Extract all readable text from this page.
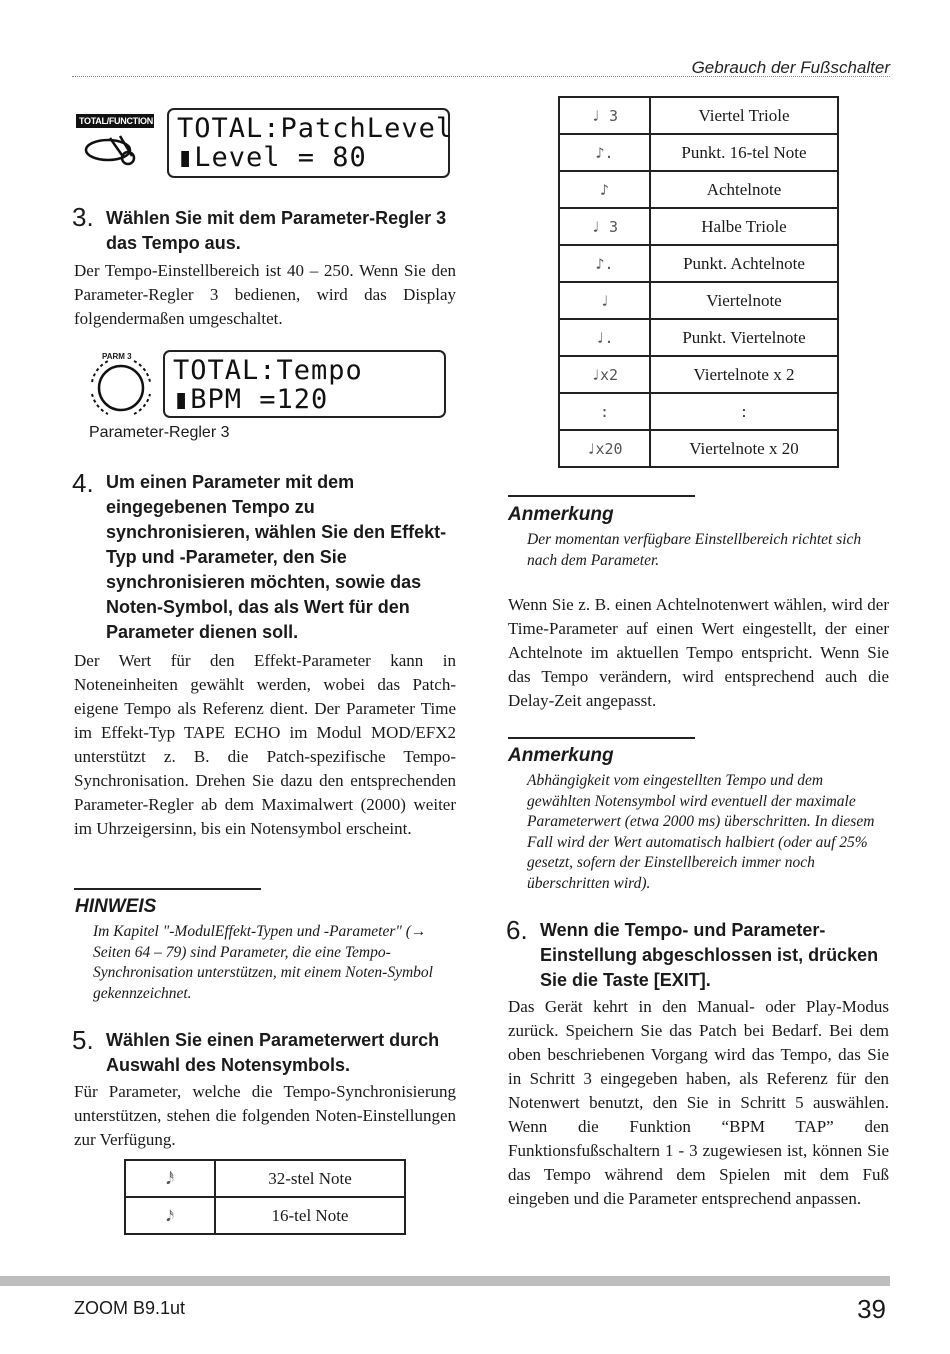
Gebrauch der Fußschalter
TOTAL/FUNCTION TOTAL:PatchLevel
▮Level = 80
3. Wählen Sie mit dem Parameter-Regler 3 das Tempo aus.

Der Tempo-Einstellbereich ist 40 – 250. Wenn Sie den Parameter-Regler 3 bedienen, wird das Display folgendermaßen umgeschaltet.

PARM 3 TOTAL:Tempo
▮BPM =120
Parameter-Regler 3
4. Um einen Parameter mit dem eingegebenen Tempo zu synchronisieren, wählen Sie den Effekt-Typ und -Parameter, den Sie synchronisieren möchten, sowie das Noten-Symbol, das als Wert für den Parameter dienen soll.

Der Wert für den Effekt-Parameter kann in Noteneinheiten gewählt werden, wobei das Patch-eigene Tempo als Referenz dient. Der Parameter Time im Effekt-Typ TAPE ECHO im Modul MOD/EFX2 unterstützt z. B. die Patch-spezifische Tempo-Synchronisation. Drehen Sie dazu den entsprechenden Parameter-Regler ab dem Maximalwert (2000) weiter im Uhrzeigersinn, bis ein Notensymbol erscheint.

HINWEIS

Im Kapitel "-ModulEffekt-Typen und -Parameter" (→ Seiten 64 – 79) sind Parameter, die eine Tempo-Synchronisation unterstützen, mit einem Noten-Symbol gekennzeichnet.

5. Wählen Sie einen Parameterwert durch Auswahl des Notensymbols.

Für Parameter, welche die Tempo-Synchronisierung unterstützen, stehen die folgenden Noten-Einstellungen zur Verfügung.

𝅘𝅥𝅰	32-stel Note
𝅘𝅥𝅯	16-tel Note
♩ 3	Viertel Triole
♪.	Punkt. 16-tel Note
♪	Achtelnote
♩ 3	Halbe Triole
♪.	Punkt. Achtelnote
♩	Viertelnote
♩.	Punkt. Viertelnote
♩x2	Viertelnote x 2
:	:
♩x20	Viertelnote x 20
Anmerkung

Der momentan verfügbare Einstellbereich richtet sich nach dem Parameter.

Wenn Sie z. B. einen Achtelnotenwert wählen, wird der Time-Parameter auf einen Wert eingestellt, der einer Achtelnote im aktuellen Tempo entspricht. Wenn Sie das Tempo verändern, wird entsprechend auch die Delay-Zeit angepasst.

Anmerkung

Abhängigkeit vom eingestellten Tempo und dem gewählten Notensymbol wird eventuell der maximale Parameterwert (etwa 2000 ms) überschritten. In diesem Fall wird der Wert automatisch halbiert (oder auf 25% gesetzt, sofern der Einstellbereich immer noch überschritten wird).

6. Wenn die Tempo- und Parameter-Einstellung abgeschlossen ist, drücken Sie die Taste [EXIT].

Das Gerät kehrt in den Manual- oder Play-Modus zurück. Speichern Sie das Patch bei Bedarf. Bei dem oben beschriebenen Vorgang wird das Tempo, das Sie in Schritt 3 eingegeben haben, als Referenz für den Notenwert benutzt, den Sie in Schritt 5 auswählen. Wenn die Funktion “BPM TAP” den Funktionsfußschaltern 1 - 3 zugewiesen ist, können Sie das Tempo während dem Spielen mit dem Fuß eingeben und die Parameter entsprechend anpassen.

ZOOM B9.1ut	39
